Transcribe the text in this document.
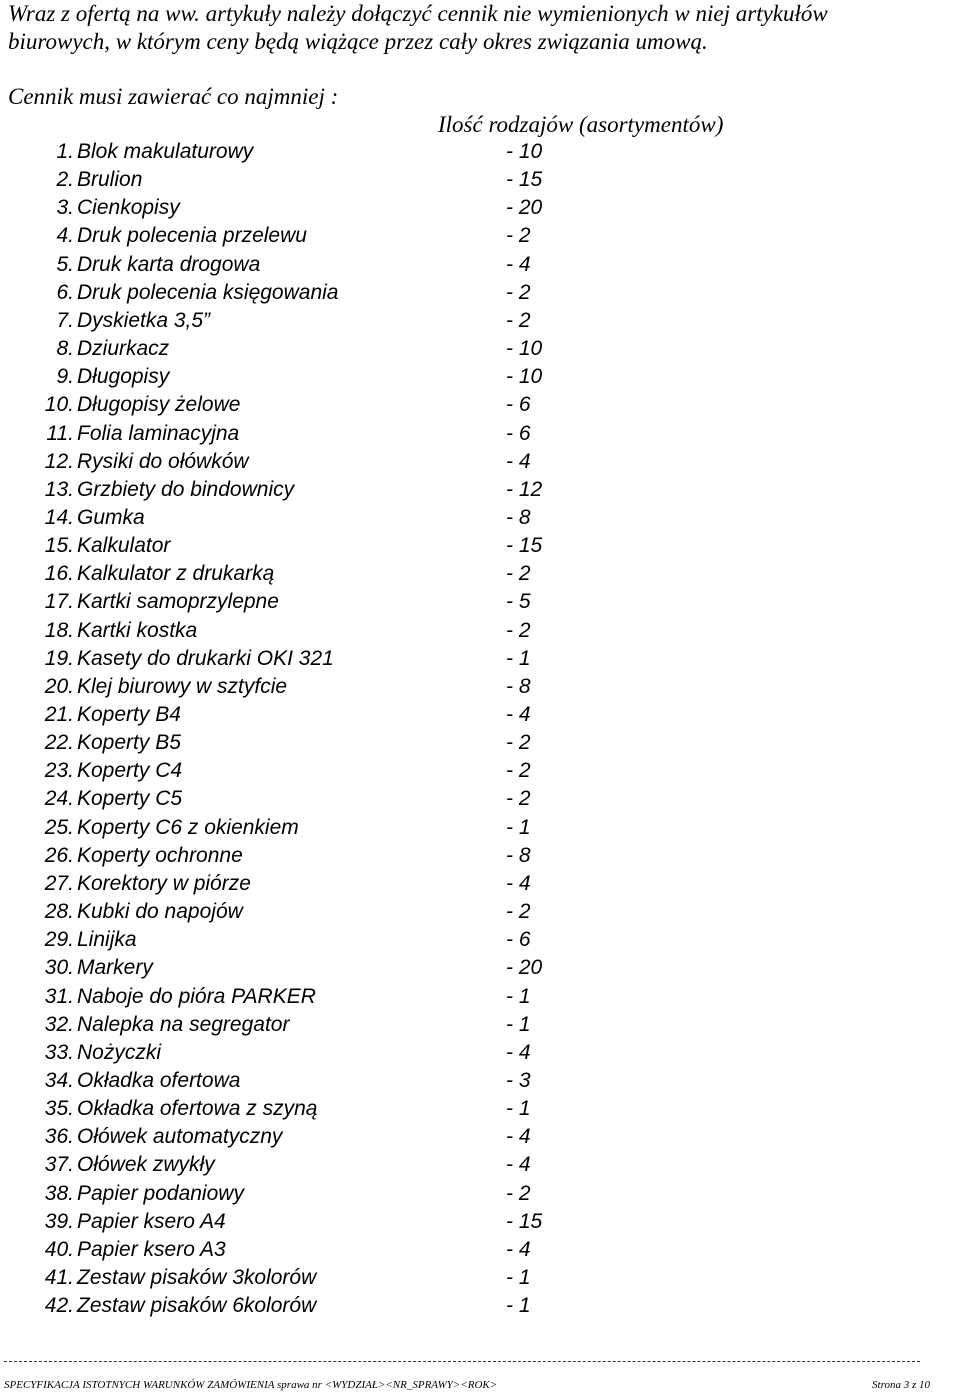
Wraz z ofertą na ww. artykuły należy dołączyć cennik nie wymienionych w niej artykułów
biurowych, w którym ceny będą wiążące przez cały okres związania umową.
Cennik musi zawierać co najmniej :
Ilość rodzajów (asortymentów)
1. Blok makulaturowy	- 10
2. Brulion	- 15
3. Cienkopisy	- 20
4. Druk polecenia przelewu	- 2
5. Druk karta drogowa	- 4
6. Druk polecenia księgowania	- 2
7. Dyskietka 3,5”	- 2
8. Dziurkacz	- 10
9. Długopisy	- 10
10. Długopisy żelowe	- 6
11. Folia laminacyjna	- 6
12. Rysiki do ołówków	- 4
13. Grzbiety do bindownicy	- 12
14. Gumka	- 8
15. Kalkulator	- 15
16. Kalkulator z drukarką	- 2
17. Kartki samoprzylepne	- 5
18. Kartki kostka	- 2
19. Kasety do drukarki OKI 321	- 1
20. Klej biurowy w sztyfcie	- 8
21. Koperty B4	- 4
22. Koperty B5	- 2
23. Koperty C4	- 2
24. Koperty C5	- 2
25. Koperty C6 z okienkiem	- 1
26. Koperty ochronne	- 8
27. Korektory w piórze	- 4
28. Kubki do napojów	- 2
29. Linijka	- 6
30. Markery	- 20
31. Naboje do pióra PARKER	- 1
32. Nalepka na segregator	- 1
33. Nożyczki	- 4
34. Okładka ofertowa	- 3
35. Okładka ofertowa z szyną	- 1
36. Ołówek automatyczny	- 4
37. Ołówek zwykły	- 4
38. Papier podaniowy	- 2
39. Papier ksero A4	- 15
40. Papier ksero A3	- 4
41. Zestaw pisaków 3kolorów	- 1
42. Zestaw pisaków 6kolorów	- 1
SPECYFIKACJA ISTOTNYCH WARUNKÓW ZAMÓWIENIA sprawa nr <WYDZIAŁ><NR_SPRAWY><ROK>	Strona 3 z 10
